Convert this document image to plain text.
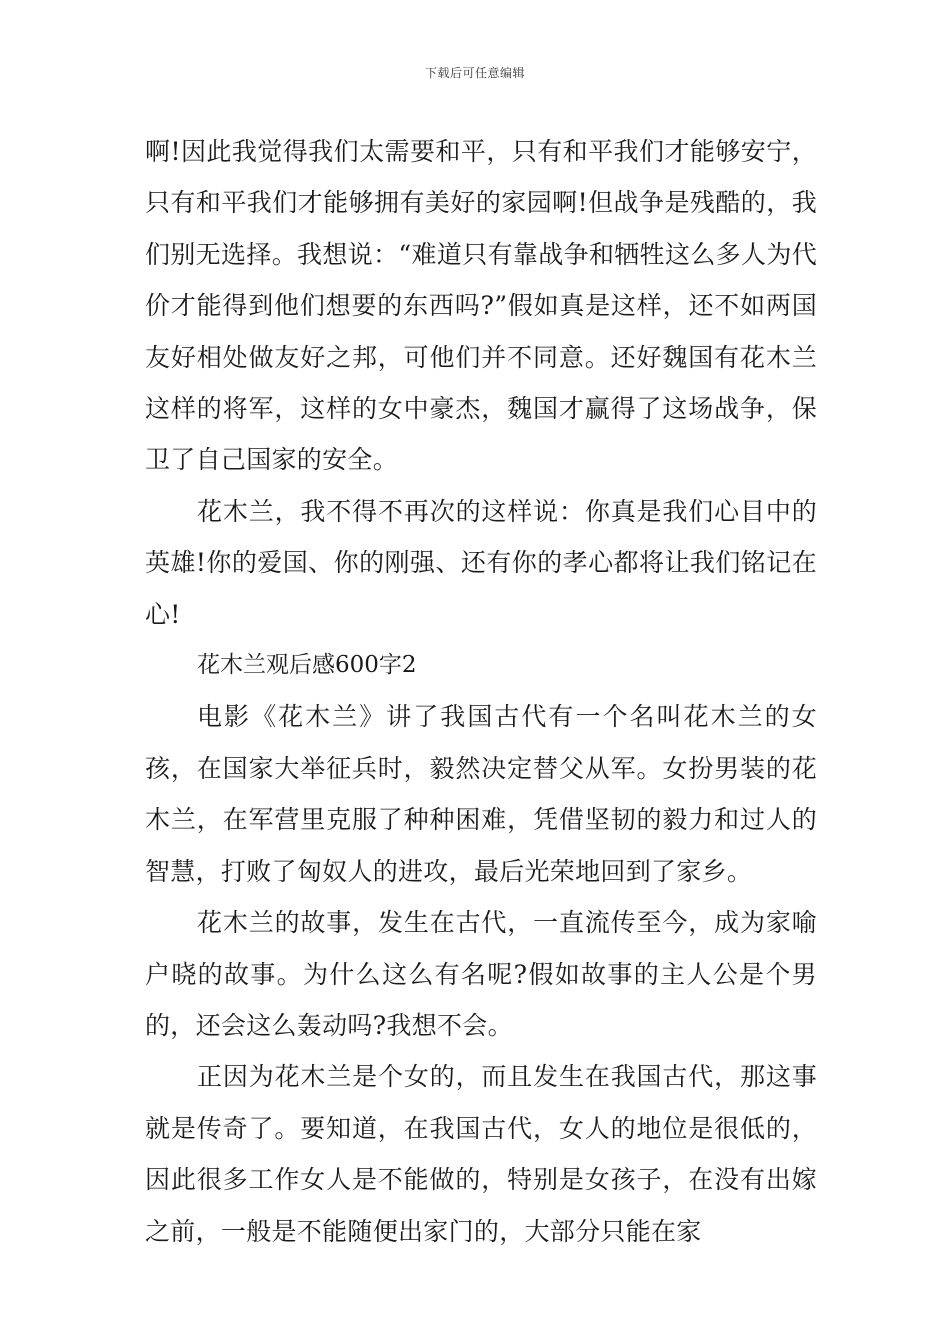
下载后可任意编辑

啊!因此我觉得我们太需要和平，只有和平我们才能够安宁，只有和平我们才能够拥有美好的家园啊!但战争是残酷的，我们别无选择。我想说：“难道只有靠战争和牺牲这么多人为代价才能得到他们想要的东西吗?”假如真是这样，还不如两国友好相处做友好之邦，可他们并不同意。还好魏国有花木兰这样的将军，这样的女中豪杰，魏国才赢得了这场战争，保卫了自己国家的安全。

花木兰，我不得不再次的这样说：你真是我们心目中的英雄!你的爱国、你的刚强、还有你的孝心都将让我们铭记在心!

花木兰观后感600字2

电影《花木兰》讲了我国古代有一个名叫花木兰的女孩，在国家大举征兵时，毅然决定替父从军。女扮男装的花木兰，在军营里克服了种种困难，凭借坚韧的毅力和过人的智慧，打败了匈奴人的进攻，最后光荣地回到了家乡。

花木兰的故事，发生在古代，一直流传至今，成为家喻户晓的故事。为什么这么有名呢?假如故事的主人公是个男的，还会这么轰动吗?我想不会。

正因为花木兰是个女的，而且发生在我国古代，那这事就是传奇了。要知道，在我国古代，女人的地位是很低的，因此很多工作女人是不能做的，特别是女孩子，在没有出嫁之前，一般是不能随便出家门的，大部分只能在家
